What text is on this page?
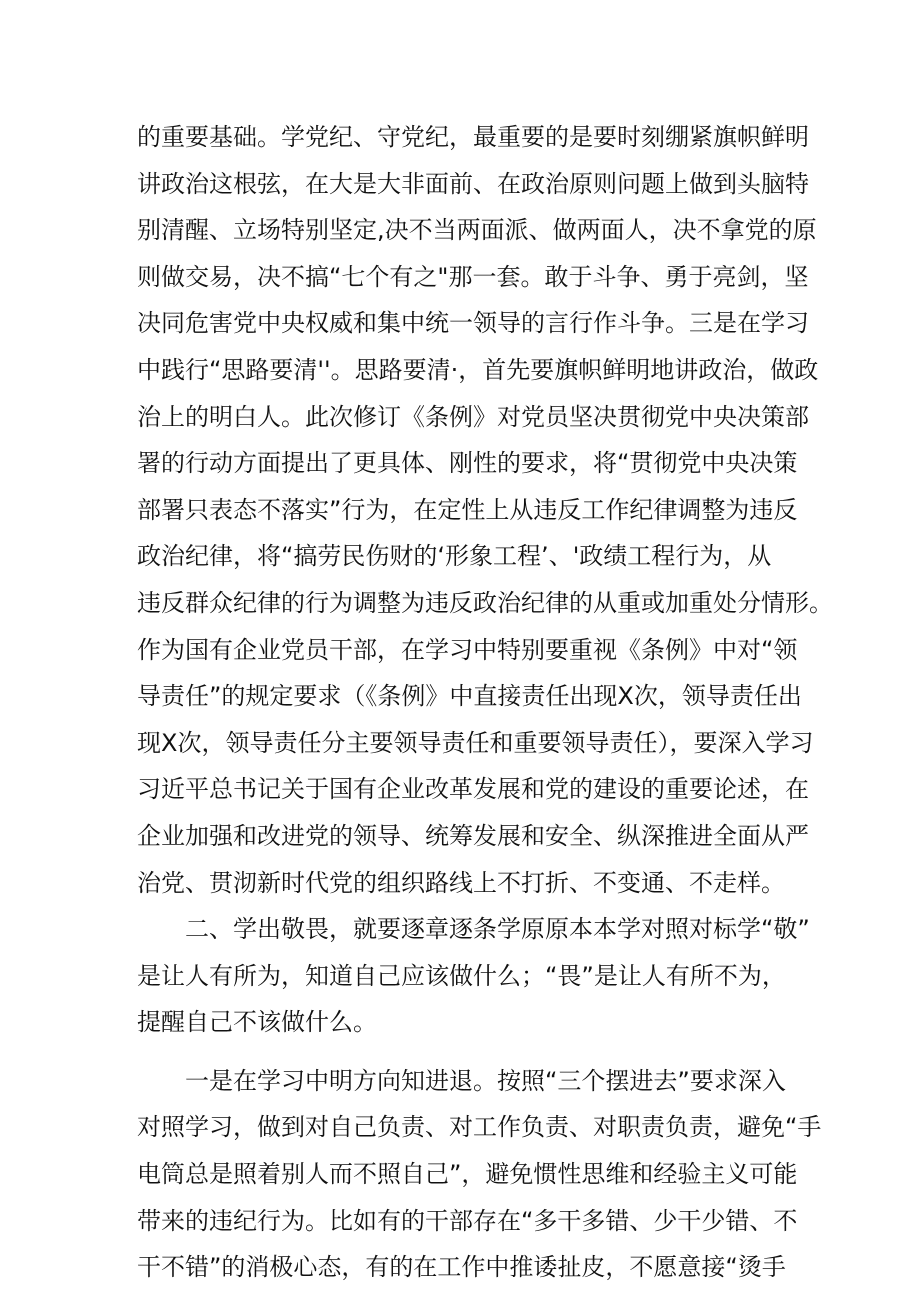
的重要基础。学党纪、守党纪，最重要的是要时刻绷紧旗帜鲜明
讲政治这根弦，在大是大非面前、在政治原则问题上做到头脑特
别清醒、立场特别坚定,决不当两面派、做两面人，决不拿党的原
则做交易，决不搞“七个有之"那一套。敢于斗争、勇于亮剑，坚
决同危害党中央权威和集中统一领导的言行作斗争。三是在学习
中践行“思路要清''。思路要清·，首先要旗帜鲜明地讲政治，做政
治上的明白人。此次修订《条例》对党员坚决贯彻党中央决策部
署的行动方面提出了更具体、刚性的要求，将“贯彻党中央决策
部署只表态不落实”行为，在定性上从违反工作纪律调整为违反
政治纪律，将“搞劳民伤财的‘形象工程’、'政绩工程行为，从
违反群众纪律的行为调整为违反政治纪律的从重或加重处分情形。
作为国有企业党员干部，在学习中特别要重视《条例》中对“领
导责任”的规定要求（《条例》中直接责任出现X次，领导责任出
现X次，领导责任分主要领导责任和重要领导责任），要深入学习
习近平总书记关于国有企业改革发展和党的建设的重要论述，在
企业加强和改进党的领导、统筹发展和安全、纵深推进全面从严
治党、贯沏新时代党的组织路线上不打折、不变通、不走样。
二、学出敬畏，就要逐章逐条学原原本本学对照对标学“敬”
是让人有所为，知道自己应该做什么；“畏”是让人有所不为，
提醒自己不该做什么。
一是在学习中明方向知进退。按照“三个摆进去”要求深入
对照学习，做到对自己负责、对工作负责、对职责负责，避免“手
电筒总是照着别人而不照自己”，避免惯性思维和经验主义可能
带来的违纪行为。比如有的干部存在“多干多错、少干少错、不
干不错”的消极心态，有的在工作中推诿扯皮，不愿意接“烫手
